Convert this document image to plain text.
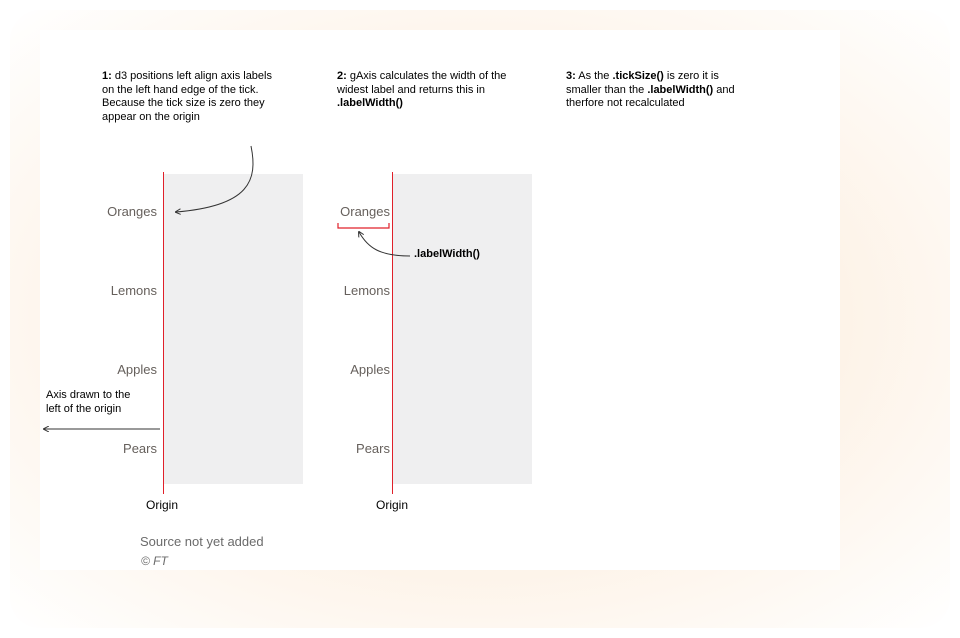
1: d3 positions left align axis labels
on the left hand edge of the tick.
Because the tick size is zero they
appear on the origin
2: gAxis calculates the width of the
widest label and returns this in
.labelWidth()
3: As the .tickSize() is zero it is
smaller than the .labelWidth() and
therfore not recalculated
Oranges
Lemons
Apples
Pears
Origin
Oranges
Lemons
Apples
Pears
Origin
.labelWidth()
Axis drawn to the
left of the origin
Source not yet added
© FT
